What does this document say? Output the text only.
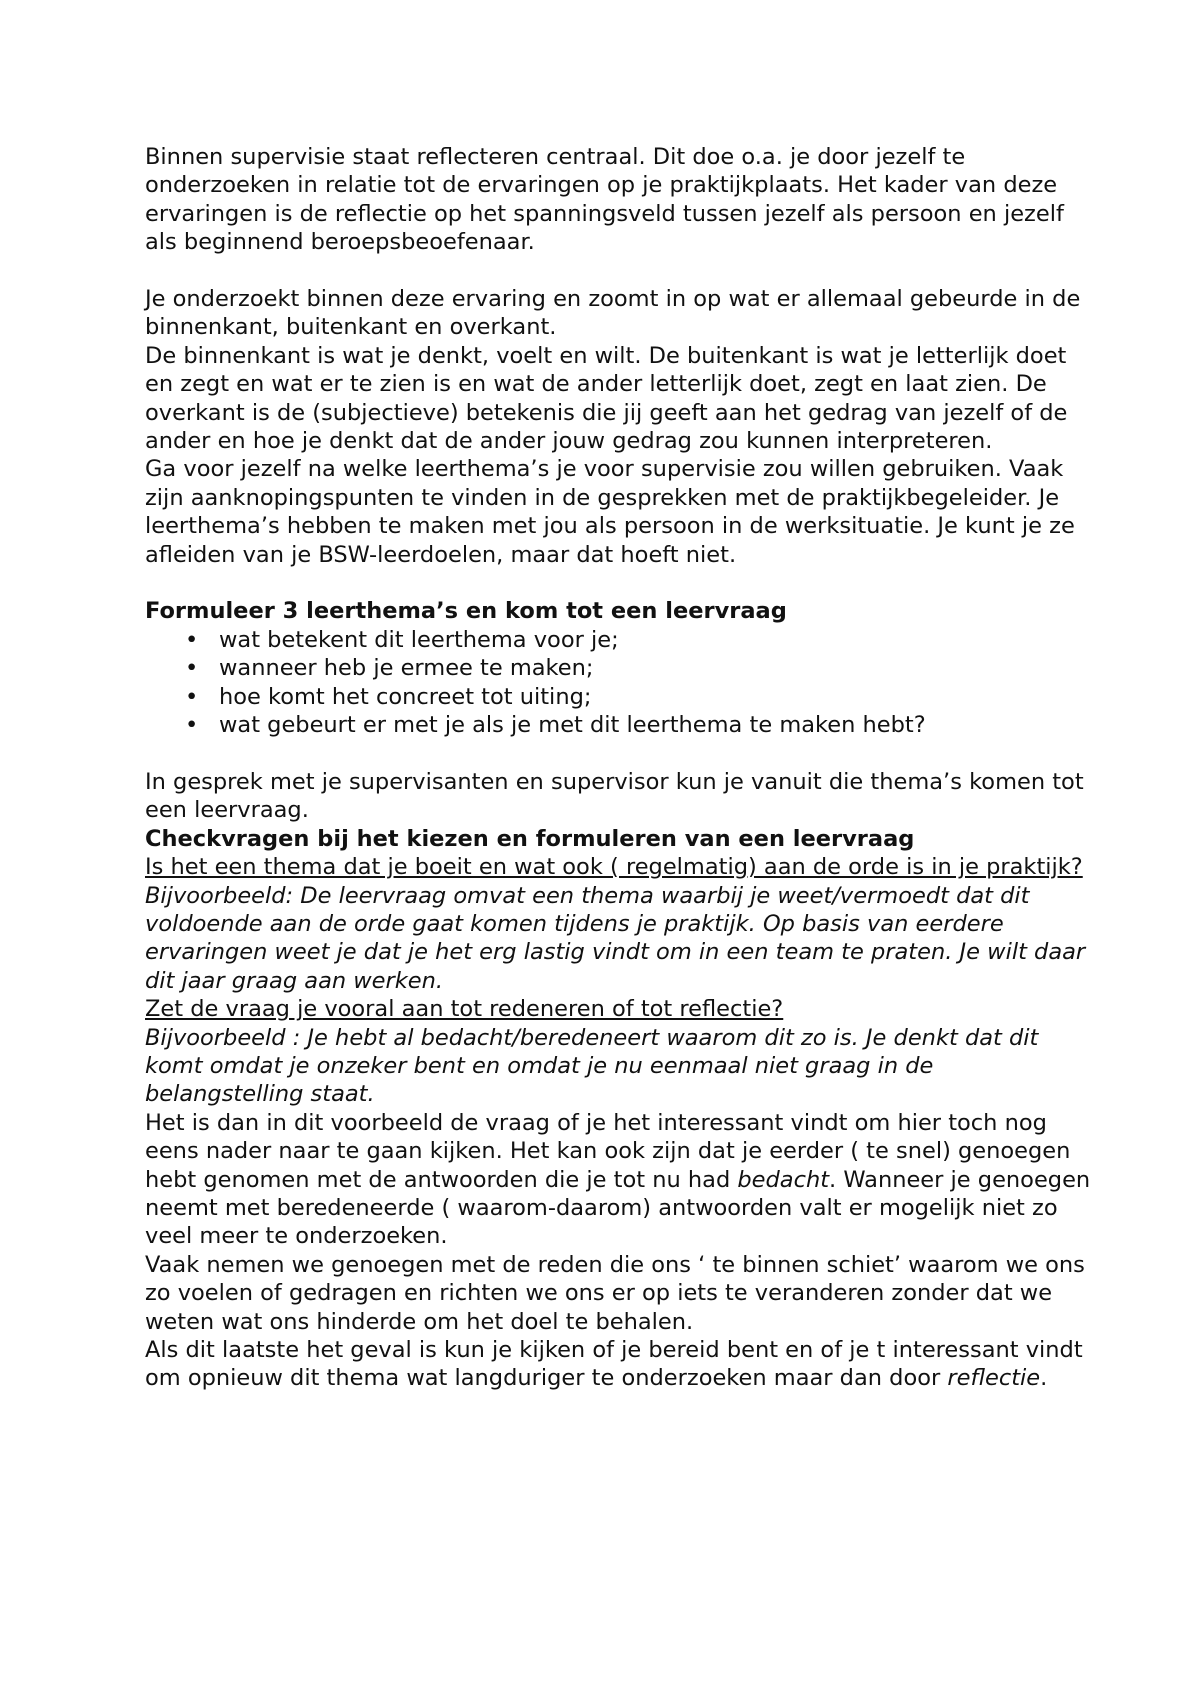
Binnen supervisie staat reflecteren centraal. Dit doe o.a. je door jezelf te onderzoeken in relatie tot de ervaringen op je praktijkplaats. Het kader van deze ervaringen is de reflectie op het spanningsveld tussen jezelf als persoon en jezelf als beginnend beroepsbeoefenaar.

Je onderzoekt binnen deze ervaring en zoomt in op wat er allemaal gebeurde in de binnenkant, buitenkant en overkant.

De binnenkant is wat je denkt, voelt en wilt. De buitenkant is wat je letterlijk doet en zegt en wat er te zien is en wat de ander letterlijk doet, zegt en laat zien. De overkant is de (subjectieve) betekenis die jij geeft aan het gedrag van jezelf of de ander en hoe je denkt dat de ander jouw gedrag zou kunnen interpreteren.

Ga voor jezelf na welke leerthema’s je voor supervisie zou willen gebruiken. Vaak zijn aanknopingspunten te vinden in de gesprekken met de praktijkbegeleider. Je leerthema’s hebben te maken met jou als persoon in de werksituatie. Je kunt je ze afleiden van je BSW-leerdoelen, maar dat hoeft niet.

Formuleer 3 leerthema’s en kom tot een leervraag

• wat betekent dit leerthema voor je;
• wanneer heb je ermee te maken;
• hoe komt het concreet tot uiting;
• wat gebeurt er met je als je met dit leerthema te maken hebt?

In gesprek met je supervisanten en supervisor kun je vanuit die thema’s komen tot een leervraag.

Checkvragen bij het kiezen en formuleren van een leervraag

Is het een thema dat je boeit en wat ook ( regelmatig) aan de orde is in je praktijk?

Bijvoorbeeld: De leervraag omvat een thema waarbij je weet/vermoedt dat dit voldoende aan de orde gaat komen tijdens je praktijk. Op basis van eerdere ervaringen weet je dat je het erg lastig vindt om in een team te praten. Je wilt daar dit jaar graag aan werken.

Zet de vraag je vooral aan tot redeneren of tot reflectie?

Bijvoorbeeld : Je hebt al bedacht/beredeneert waarom dit zo is. Je denkt dat dit komt omdat je onzeker bent en omdat je nu eenmaal niet graag in de belangstelling staat.

Het is dan in dit voorbeeld de vraag of je het interessant vindt om hier toch nog eens nader naar te gaan kijken. Het kan ook zijn dat je eerder ( te snel) genoegen hebt genomen met de antwoorden die je tot nu had bedacht. Wanneer je genoegen neemt met beredeneerde ( waarom-daarom) antwoorden valt er mogelijk niet zo veel meer te onderzoeken.

Vaak nemen we genoegen met de reden die ons ‘ te binnen schiet’ waarom we ons zo voelen of gedragen en richten we ons er op iets te veranderen zonder dat we weten wat ons hinderde om het doel te behalen.

Als dit laatste het geval is kun je kijken of je bereid bent en of je t interessant vindt om opnieuw dit thema wat langduriger te onderzoeken maar dan door reflectie.
